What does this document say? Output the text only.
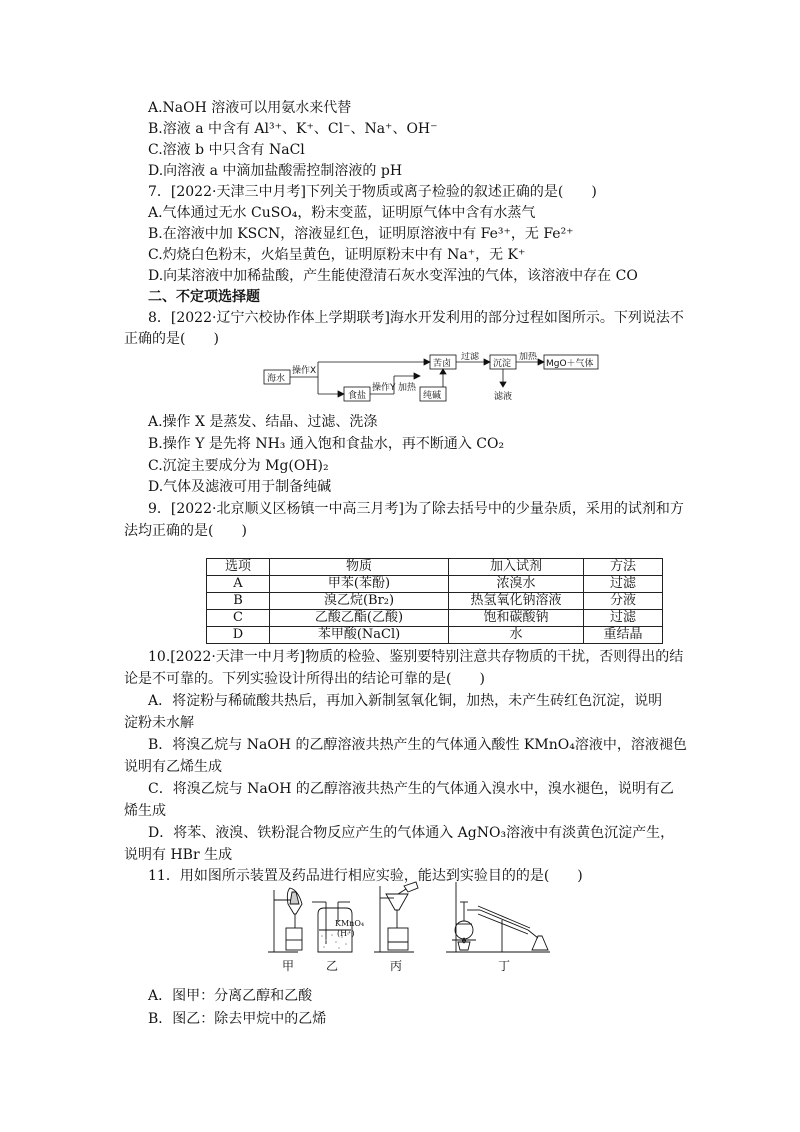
A.NaOH 溶液可以用氨水来代替
B.溶液 a 中含有 Al³⁺、K⁺、Cl⁻、Na⁺、OH⁻
C.溶液 b 中只含有 NaCl
D.向溶液 a 中滴加盐酸需控制溶液的 pH
7．[2022·天津三中月考]下列关于物质或离子检验的叙述正确的是(　　)
A.气体通过无水 CuSO₄，粉末变蓝，证明原气体中含有水蒸气
B.在溶液中加 KSCN，溶液显红色，证明原溶液中有 Fe³⁺，无 Fe²⁺
C.灼烧白色粉末，火焰呈黄色，证明原粉末中有 Na⁺，无 K⁺
D.向某溶液中加稀盐酸，产生能使澄清石灰水变浑浊的气体，该溶液中存在 CO
二、不定项选择题
8．[2022·辽宁六校协作体上学期联考]海水开发利用的部分过程如图所示。下列说法不
正确的是(　　)
海水
操作X
苦卤
过滤
沉淀
加热
MgO＋气体
滤液
食盐
操作Y 加热
纯碱
A.操作 X 是蒸发、结晶、过滤、洗涤
B.操作 Y 是先将 NH₃ 通入饱和食盐水，再不断通入 CO₂
C.沉淀主要成分为 Mg(OH)₂
D.气体及滤液可用于制备纯碱
9．[2022·北京顺义区杨镇一中高三月考]为了除去括号中的少量杂质，采用的试剂和方
法均正确的是(　　)
选项	物质	加入试剂	方法
A	甲苯(苯酚)	浓溴水	过滤
B	溴乙烷(Br₂)	热氢氧化钠溶液	分液
C	乙酸乙酯(乙酸)	饱和碳酸钠	过滤
D	苯甲酸(NaCl)	水	重结晶
10.[2022·天津一中月考]物质的检验、鉴别要特别注意共存物质的干扰，否则得出的结
论是不可靠的。下列实验设计所得出的结论可靠的是(　　)
A．将淀粉与稀硫酸共热后，再加入新制氢氧化铜，加热，未产生砖红色沉淀，说明
淀粉未水解
B．将溴乙烷与 NaOH 的乙醇溶液共热产生的气体通入酸性 KMnO₄溶液中，溶液褪色
说明有乙烯生成
C．将溴乙烷与 NaOH 的乙醇溶液共热产生的气体通入溴水中，溴水褪色，说明有乙
烯生成
D．将苯、液溴、铁粉混合物反应产生的气体通入 AgNO₃溶液中有淡黄色沉淀产生，
说明有 HBr 生成
11．用如图所示装置及药品进行相应实验，能达到实验目的的是(　　)
KMnO₄
(H⁺)
甲	乙	丙	丁
A．图甲：分离乙醇和乙酸
B．图乙：除去甲烷中的乙烯
